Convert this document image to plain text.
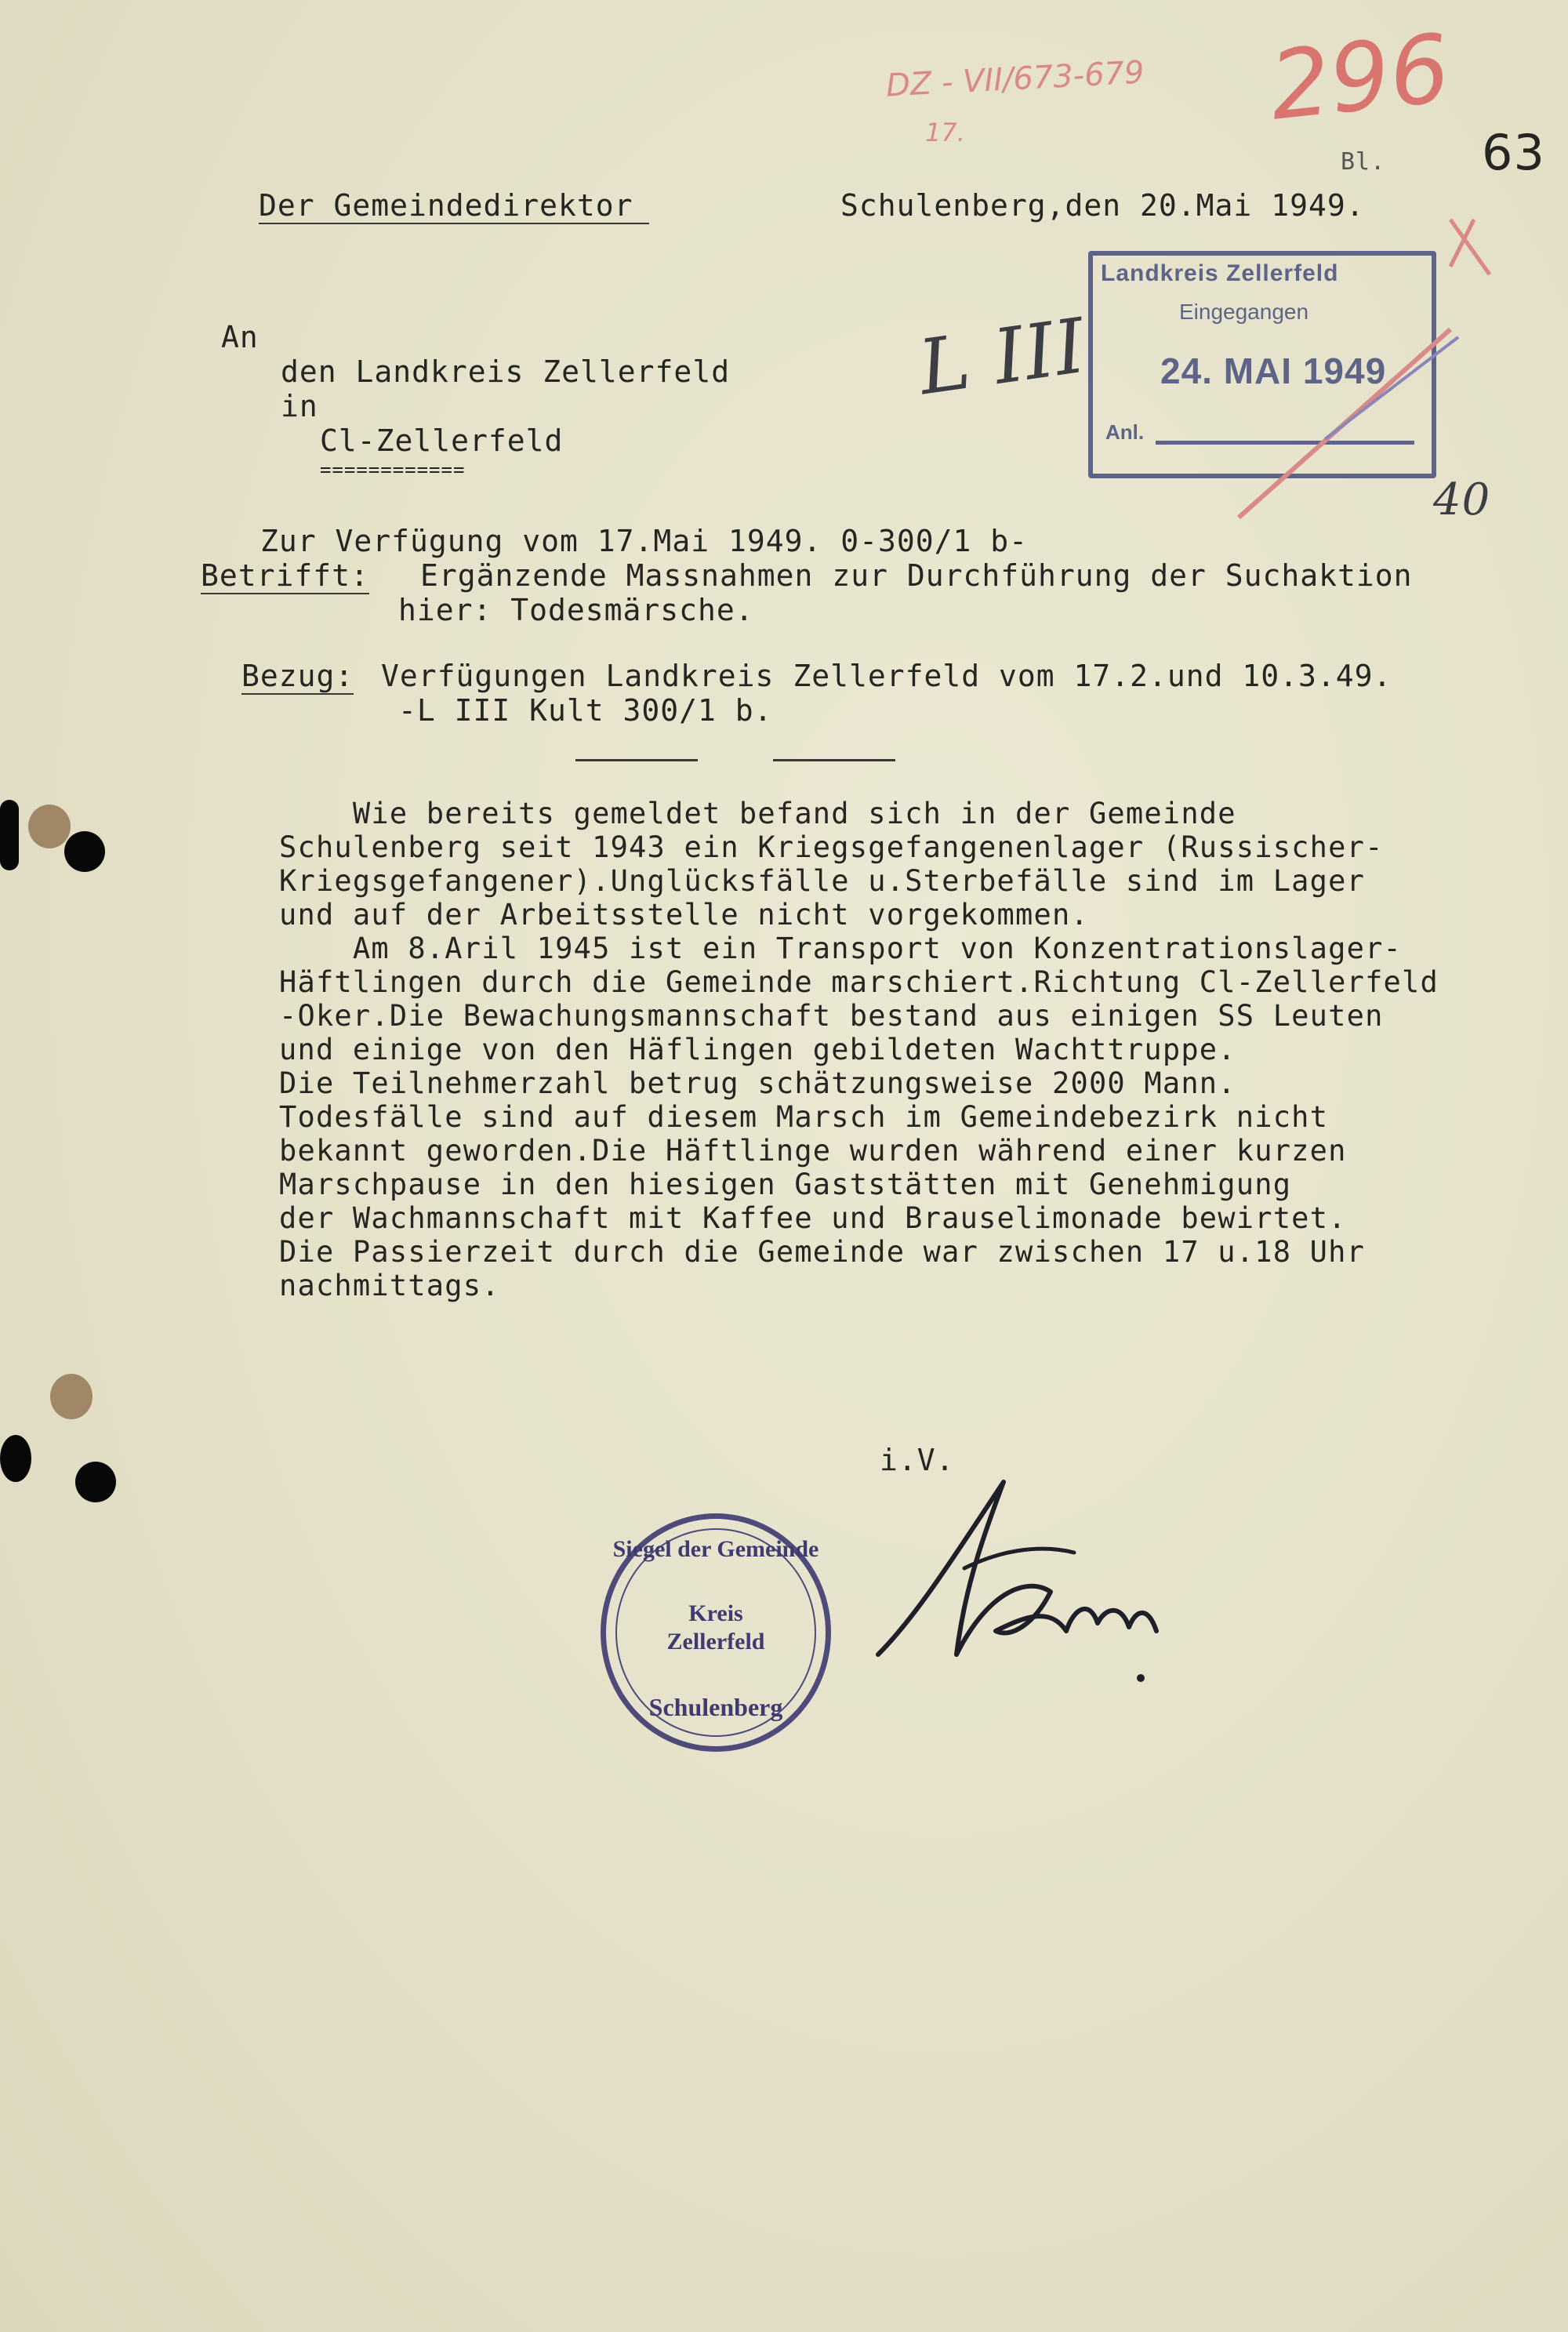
DZ - VII/673-679
17.	296
Bl. 63
Der Gemeindedirektor	Schulenberg,den 20.Mai 1949.
An
den Landkreis Zellerfeld
in
Cl-Zellerfeld
============
L III
Landkreis Zellerfeld
Eingegangen
24. MAI 1949
Anl.
40
Zur Verfügung vom 17.Mai 1949. 0-300/1 b-
Betrifft: Ergänzende Massnahmen zur Durchführung der Suchaktion
hier: Todesmärsche.
Bezug: Verfügungen Landkreis Zellerfeld vom 17.2.und 10.3.49.
-L III Kult 300/1 b.
Wie bereits gemeldet befand sich in der Gemeinde
Schulenberg seit 1943 ein Kriegsgefangenenlager (Russischer-
Kriegsgefangener).Unglücksfälle u.Sterbefälle sind im Lager
und auf der Arbeitsstelle nicht vorgekommen.
Am 8.Aril 1945 ist ein Transport von Konzentrationslager-
Häftlingen durch die Gemeinde marschiert.Richtung Cl-Zellerfeld
-Oker.Die Bewachungsmannschaft bestand aus einigen SS Leuten
und einige von den Häflingen gebildeten Wachttruppe.
Die Teilnehmerzahl betrug schätzungsweise 2000 Mann.
Todesfälle sind auf diesem Marsch im Gemeindebezirk nicht
bekannt geworden.Die Häftlinge wurden während einer kurzen
Marschpause in den hiesigen Gaststätten mit Genehmigung
der Wachmannschaft mit Kaffee und Brauselimonade bewirtet.
Die Passierzeit durch die Gemeinde war zwischen 17 u.18 Uhr
nachmittags.
i.V.
Siegel der Gemeinde
Kreis
Zellerfeld
Schulenberg
